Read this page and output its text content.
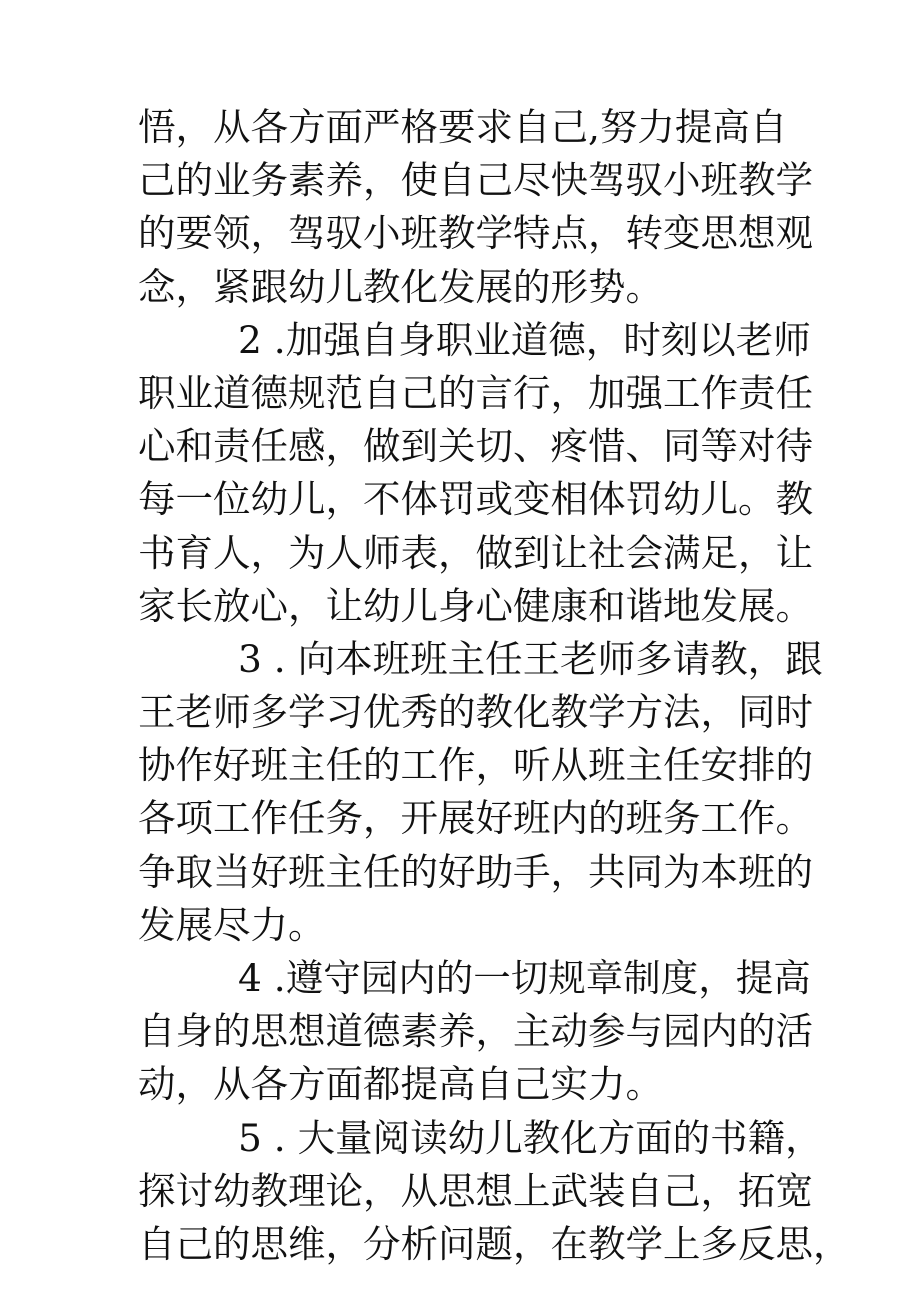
悟，从各方面严格要求自己,努力提高自
己的业务素养，使自己尽快驾驭小班教学
的要领，驾驭小班教学特点，转变思想观
念，紧跟幼儿教化发展的形势。
2 .加强自身职业道德，时刻以老师
职业道德规范自己的言行，加强工作责任
心和责任感，做到关切、疼惜、同等对待
每一位幼儿，不体罚或变相体罚幼儿。教
书育人，为人师表，做到让社会满足，让
家长放心，让幼儿身心健康和谐地发展。
3 . 向本班班主任王老师多请教，跟
王老师多学习优秀的教化教学方法，同时
协作好班主任的工作，听从班主任安排的
各项工作任务，开展好班内的班务工作。
争取当好班主任的好助手，共同为本班的
发展尽力。
4 .遵守园内的一切规章制度，提高
自身的思想道德素养，主动参与园内的活
动，从各方面都提高自己实力。
5 . 大量阅读幼儿教化方面的书籍，
探讨幼教理论，从思想上武装自己，拓宽
自己的思维，分析问题，在教学上多反思，
